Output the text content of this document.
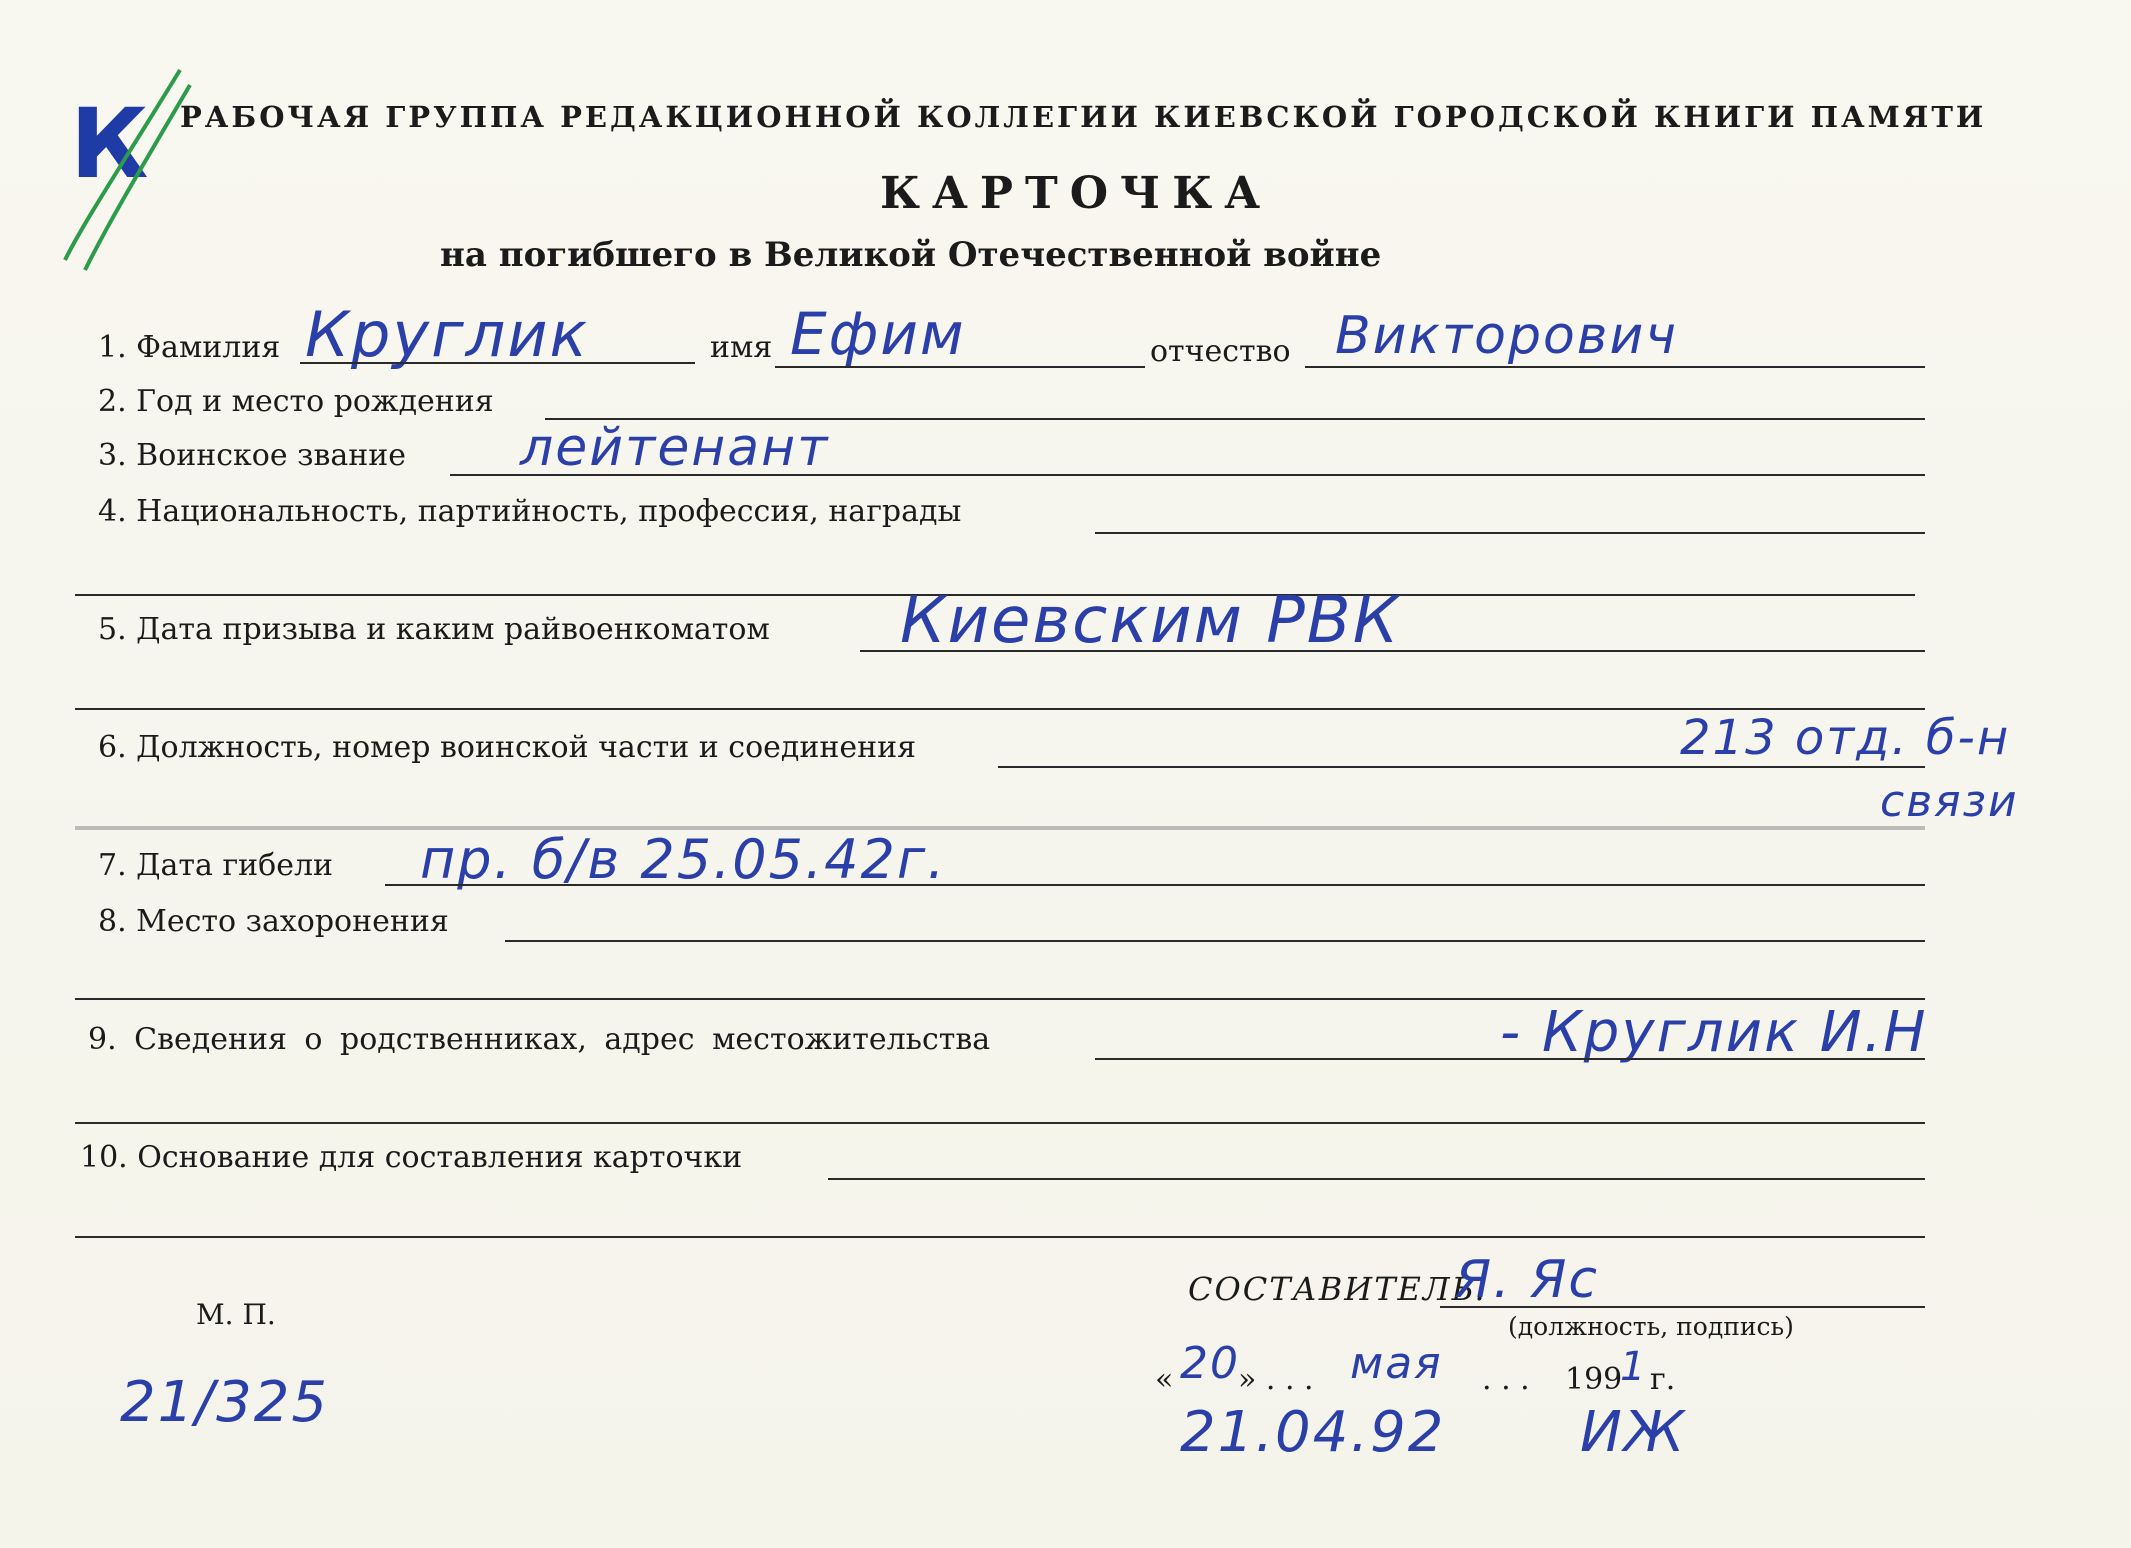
К РАБОЧАЯ ГРУППА РЕДАКЦИОННОЙ КОЛЛЕГИИ КИЕВСКОЙ ГОРОДСКОЙ КНИГИ ПАМЯТИ
КАРТОЧКА
на погибшего в Великой Отечественной войне
1. Фамилия Круглик	имя Ефим	отчество Викторович
2. Год и место рождения
3. Воинское звание лейтенант
4. Национальность, партийность, профессия, награды
5. Дата призыва и каким райвоенкоматом Киевским РВК
6. Должность, номер воинской части и соединения	213 отд. б-н
связи
7. Дата гибели пр. б/в 25.05.42г.
8. Место захоронения
9. Сведения о родственниках, адрес местожительства	- Круглик И.Н
10. Основание для составления карточки
М. П.
21/325
СОСТАВИТЕЛЬ:
Я. Яс
(должность, подпись)
« 20
» . . . мая . . . 199
1 г.
21.04.92 ИЖ
